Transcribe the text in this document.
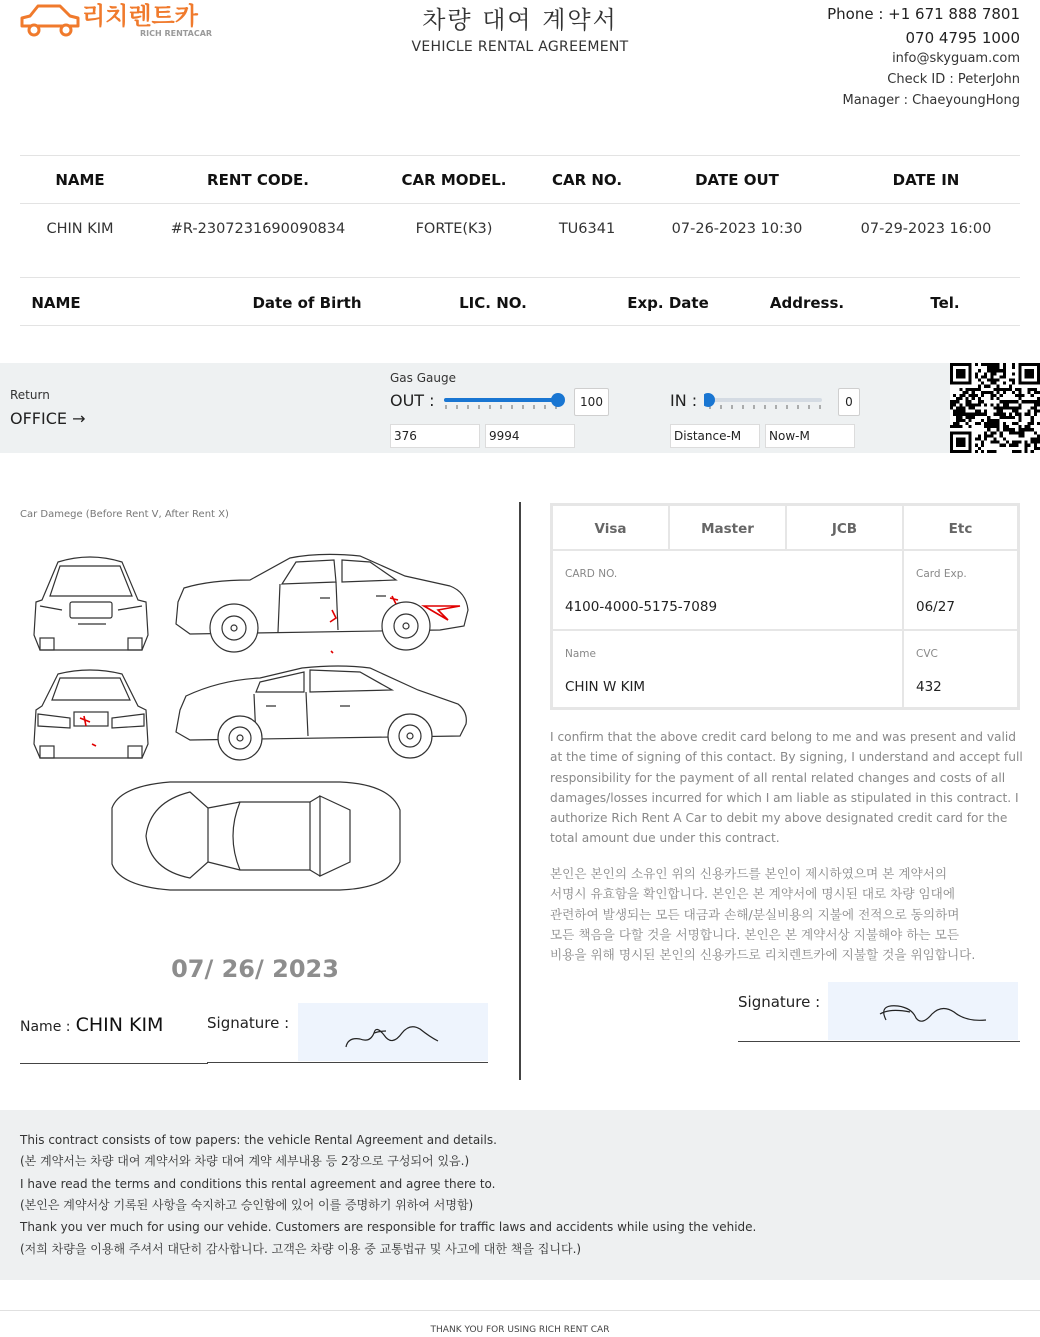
리치렌트카
RICH RENTACAR	차량 대여 계약서
VEHICLE RENTAL AGREEMENT
Phone : +1 671 888 7801
070 4795 1000
info@skyguam.com
Check ID : PeterJohn
Manager : ChaeyoungHong
NAME	RENT CODE.	CAR MODEL.	CAR NO.	DATE OUT	DATE IN
CHIN KIM	#R-2307231690090834	FORTE(K3)	TU6341	07-26-2023 10:30	07-29-2023 16:00
NAME	Date of Birth	LIC. NO.	Exp. Date	Address.	Tel.
Return
OFFICE →
Gas Gauge
OUT :	100
376	9994
IN :	0
Distance-M	Now-M
Car Damege (Before Rent V, After Rent X)
07/ 26/ 2023
Name : CHIN KIM	Signature :
Visa	Master	JCB	Etc
CARD NO.
4100-4000-5175-7089
Card Exp.
06/27
Name
CHIN W KIM
CVC
432
I confirm that the above credit card belong to me and was present and valid
at the time of signing of this contact. By signing, I understand and accept full
responsibility for the payment of all rental related changes and costs of all
damages/losses incurred for which I am liable as stipulated in this contract. I
authorize Rich Rent A Car to debit my above designated credit card for the
total amount due under this contract.
본인은 본인의 소유인 위의 신용카드를 본인이 제시하였으며 본 계약서의
서명시 유효함을 확인합니다. 본인은 본 계약서에 명시된 대로 차량 임대에
관련하여 발생되는 모든 대금과 손해/분실비용의 지불에 전적으로 동의하며
모든 책음을 다할 것을 서명합니다. 본인은 본 계약서상 지불해야 하는 모든
비용을 위해 명시된 본인의 신용카드로 리치렌트카에 지불할 것을 위임합니다.
Signature :
This contract consists of tow papers: the vehicle Rental Agreement and details.
(본 계약서는 차량 대여 계약서와 차량 대여 계약 세부내용 등 2장으로 구성되어 있음.)
I have read the terms and conditions this rental agreement and agree there to.
(본인은 계약서상 기록된 사항을 숙지하고 승인함에 있어 이를 증명하기 위하여 서명함)
Thank you ver much for using our vehide. Customers are responsible for traffic laws and accidents while using the vehide.
(저희 차량을 이용해 주셔서 대단히 감사합니다. 고객은 차량 이용 중 교통법규 및 사고에 대한 책을 집니다.)
THANK YOU FOR USING RICH RENT CAR
